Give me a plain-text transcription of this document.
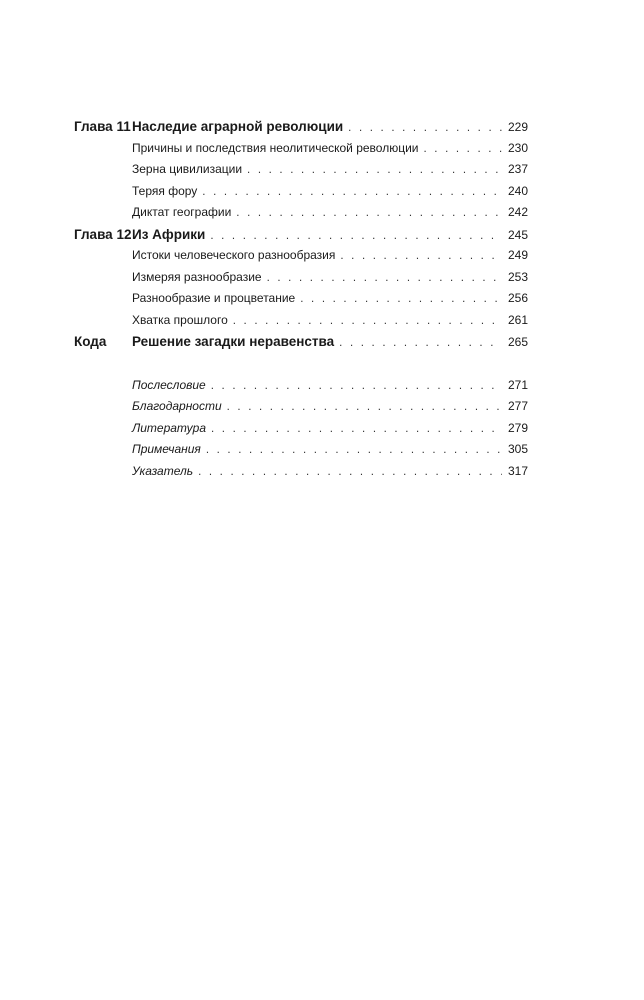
Глава 11 Наследие аграрной революции . . .	229
Причины и последствия неолитической революции . . .	230
Зерна цивилизации . . .	237
Теряя фору . . .	240
Диктат географии . . .	242
Глава 12 Из Африки . . .	245
Истоки человеческого разнообразия . . .	249
Измеряя разнообразие . . .	253
Разнообразие и процветание . . .	256
Хватка прошлого . . .	261
Кода	Решение загадки неравенства . . .	265
Послесловие . . .	271
Благодарности . . .	277
Литература . . .	279
Примечания . . .	305
Указатель . . .	317
